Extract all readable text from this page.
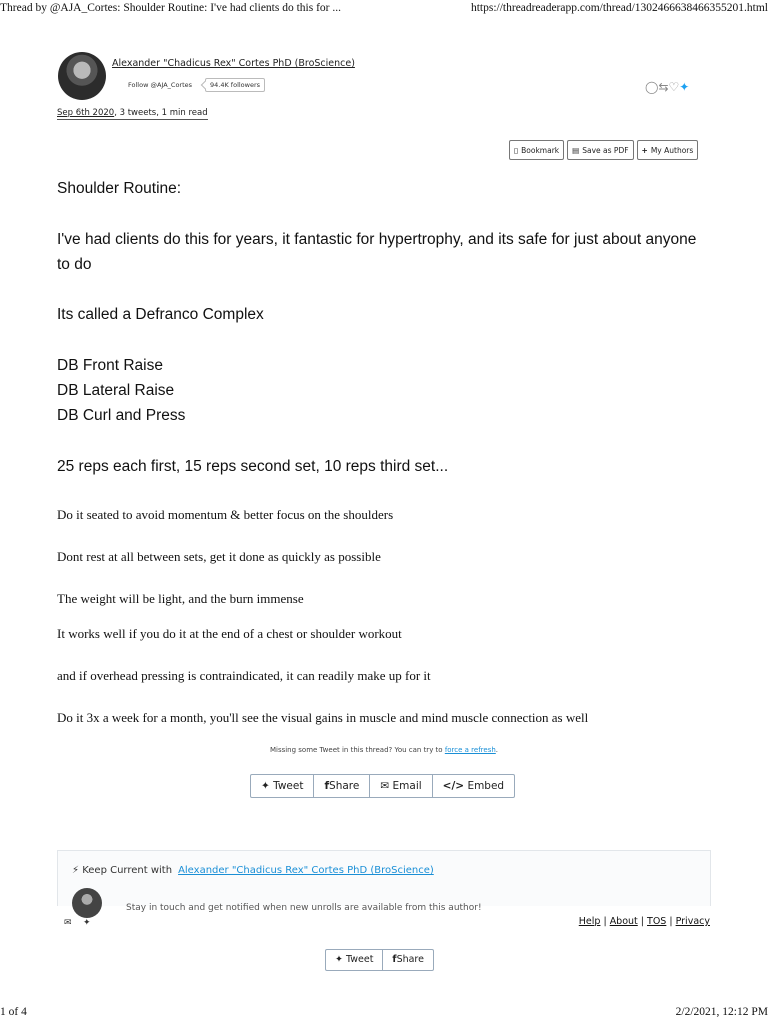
Thread by @AJA_Cortes: Shoulder Routine: I've had clients do this for ...	https://threadreaderapp.com/thread/1302466638466355201.html
Alexander "Chadicus Rex" Cortes PhD (BroScience)
Follow @AJA_Cortes	94.4K followers	◯⇆♡✦
Sep 6th 2020, 3 tweets, 1 min read
▯ Bookmark ▤ Save as PDF + My Authors
Shoulder Routine:
I've had clients do this for years, it fantastic for hypertrophy, and its safe for just about anyone to do
Its called a Defranco Complex
DB Front Raise
DB Lateral Raise
DB Curl and Press
25 reps each first, 15 reps second set, 10 reps third set...
Do it seated to avoid momentum & better focus on the shoulders
Dont rest at all between sets, get it done as quickly as possible
The weight will be light, and the burn immense
It works well if you do it at the end of a chest or shoulder workout
and if overhead pressing is contraindicated, it can readily make up for it
Do it 3x a week for a month, you'll see the visual gains in muscle and mind muscle connection as well
Missing some Tweet in this thread? You can try to force a refresh.
✦ Tweet	fShare	✉ Email	</> Embed
⚡ Keep Current with Alexander "Chadicus Rex" Cortes PhD (BroScience)
Stay in touch and get notified when new unrolls are available from this author!
✉ ✦	Help | About | TOS | Privacy
✦ Tweet	fShare
1 of 4	2/2/2021, 12:12 PM
